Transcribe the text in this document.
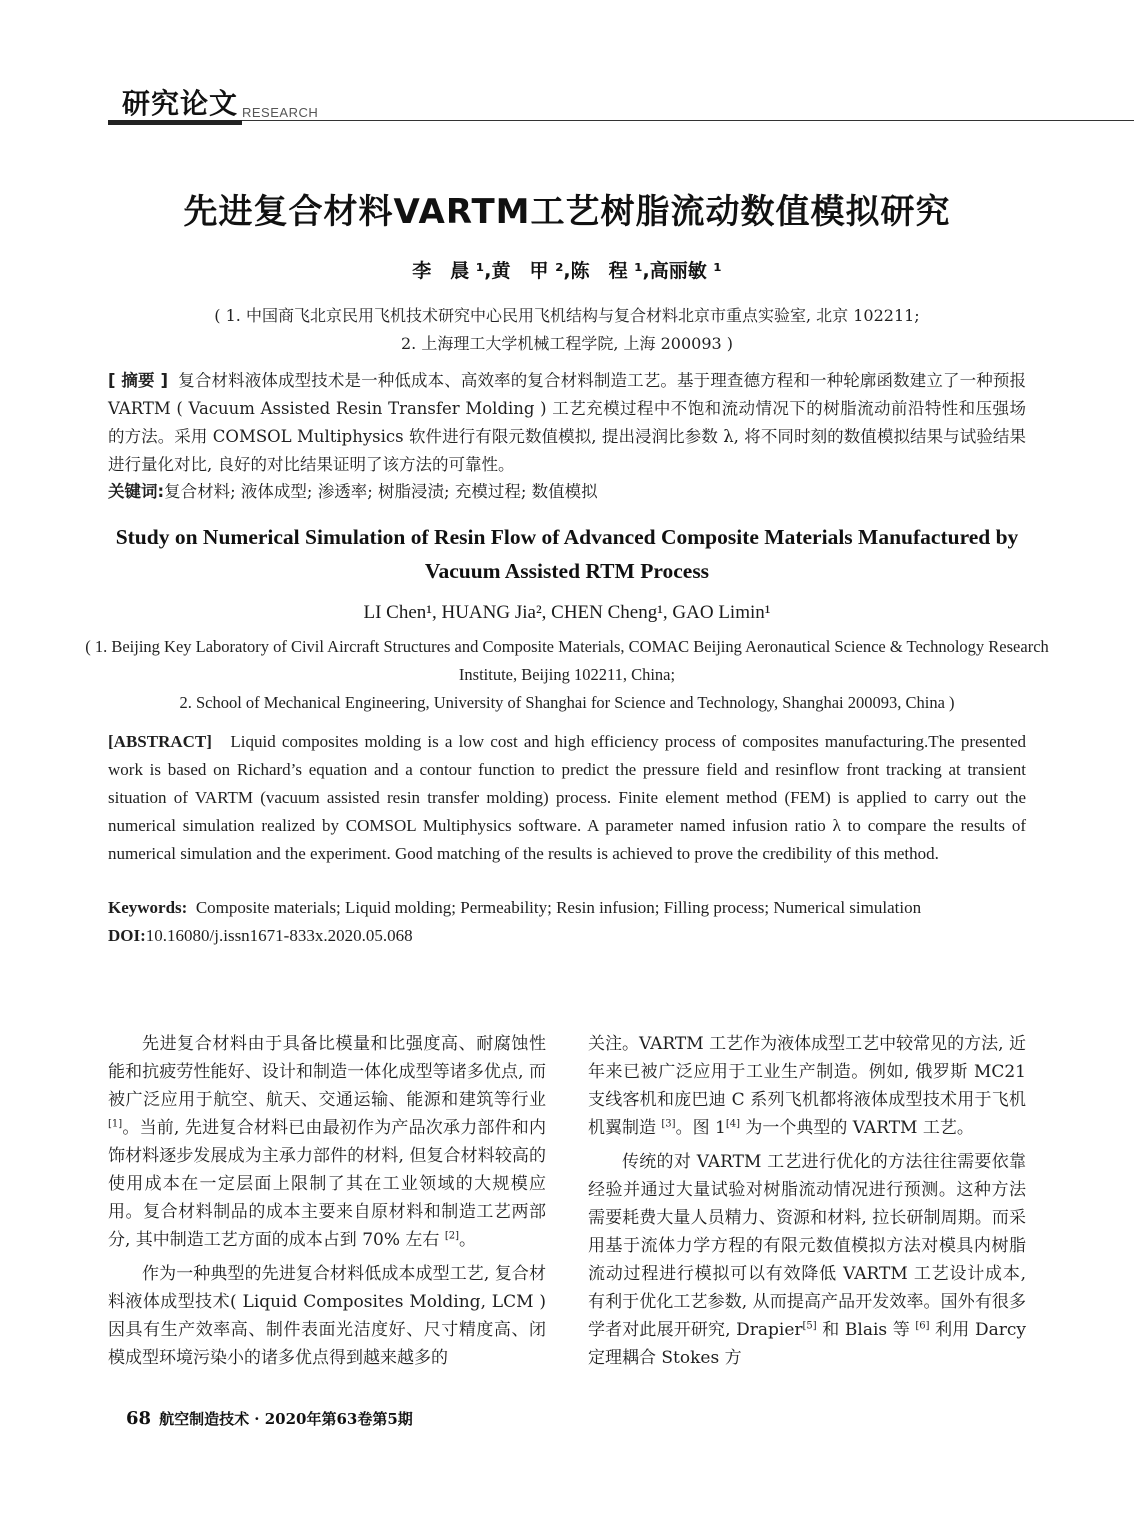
研究论文 RESEARCH
先进复合材料VARTM工艺树脂流动数值模拟研究
李　晨 ¹,黄　甲 ²,陈　程 ¹,高丽敏 ¹
( 1. 中国商飞北京民用飞机技术研究中心民用飞机结构与复合材料北京市重点实验室, 北京 102211;
2. 上海理工大学机械工程学院, 上海 200093 )
[ 摘要 ] 复合材料液体成型技术是一种低成本、高效率的复合材料制造工艺。基于理查德方程和一种轮廓函数建立了一种预报 VARTM ( Vacuum Assisted Resin Transfer Molding ) 工艺充模过程中不饱和流动情况下的树脂流动前沿特性和压强场的方法。采用 COMSOL Multiphysics 软件进行有限元数值模拟, 提出浸润比参数 λ, 将不同时刻的数值模拟结果与试验结果进行量化对比, 良好的对比结果证明了该方法的可靠性。
关键词:复合材料; 液体成型; 渗透率; 树脂浸渍; 充模过程; 数值模拟
Study on Numerical Simulation of Resin Flow of Advanced Composite Materials Manufactured by Vacuum Assisted RTM Process
LI Chen¹, HUANG Jia², CHEN Cheng¹, GAO Limin¹
( 1. Beijing Key Laboratory of Civil Aircraft Structures and Composite Materials, COMAC Beijing Aeronautical Science & Technology Research Institute, Beijing 102211, China;
2. School of Mechanical Engineering, University of Shanghai for Science and Technology, Shanghai 200093, China )
[ABSTRACT] Liquid composites molding is a low cost and high efficiency process of composites manufacturing.The presented work is based on Richard’s equation and a contour function to predict the pressure field and resinflow front tracking at transient situation of VARTM (vacuum assisted resin transfer molding) process. Finite element method (FEM) is applied to carry out the numerical simulation realized by COMSOL Multiphysics software. A parameter named infusion ratio λ to compare the results of numerical simulation and the experiment. Good matching of the results is achieved to prove the credibility of this method.
Keywords: Composite materials; Liquid molding; Permeability; Resin infusion; Filling process; Numerical simulation
DOI:10.16080/j.issn1671-833x.2020.05.068

先进复合材料由于具备比模量和比强度高、耐腐蚀性能和抗疲劳性能好、设计和制造一体化成型等诸多优点, 而被广泛应用于航空、航天、交通运输、能源和建筑等行业 [1]。当前, 先进复合材料已由最初作为产品次承力部件和内饰材料逐步发展成为主承力部件的材料, 但复合材料较高的使用成本在一定层面上限制了其在工业领域的大规模应用。复合材料制品的成本主要来自原材料和制造工艺两部分, 其中制造工艺方面的成本占到 70% 左右 [2]。

作为一种典型的先进复合材料低成本成型工艺, 复合材料液体成型技术( Liquid Composites Molding, LCM ) 因具有生产效率高、制件表面光洁度好、尺寸精度高、闭模成型环境污染小的诸多优点得到越来越多的

关注。VARTM 工艺作为液体成型工艺中较常见的方法, 近年来已被广泛应用于工业生产制造。例如, 俄罗斯 MC21 支线客机和庞巴迪 C 系列飞机都将液体成型技术用于飞机机翼制造 [3]。图 1[4] 为一个典型的 VARTM 工艺。

传统的对 VARTM 工艺进行优化的方法往往需要依靠经验并通过大量试验对树脂流动情况进行预测。这种方法需要耗费大量人员精力、资源和材料, 拉长研制周期。而采用基于流体力学方程的有限元数值模拟方法对模具内树脂流动过程进行模拟可以有效降低 VARTM 工艺设计成本, 有利于优化工艺参数, 从而提高产品开发效率。国外有很多学者对此展开研究, Drapier[5] 和 Blais 等 [6] 利用 Darcy 定理耦合 Stokes 方

68 航空制造技术 · 2020年第63卷第5期
